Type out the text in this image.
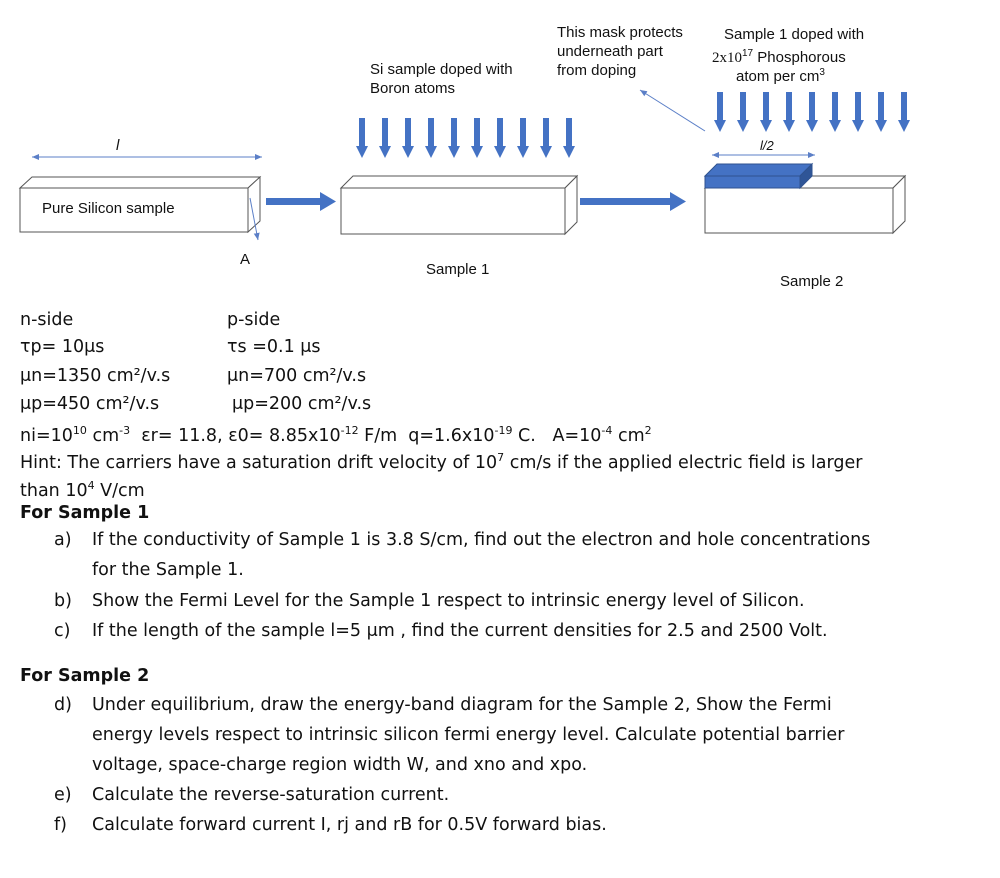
l
Pure Silicon sample
A
Si sample doped with
Boron atoms
Sample 1
This mask protects
underneath part
from doping
Sample 1 doped with
$2x10^{17}$ Phosphorous
atom per $cm^3$
l/2
Sample 2
n-side	p-side
τp= 10μs
μn=1350 cm²/v.s
μp=450 cm²/v.s
τs =0.1 μs
μn=700 cm²/v.s
μp=200 cm²/v.s
$ni=10^{10}$ $cm^{-3}$  εr= 11.8, $\varepsilon 0= 8.85x10^{-12}$ F/m  $q=1.6x10^{-19}$ C.   $A=10^{-4}$ $cm^2$
Hint: The carriers have a saturation drift velocity of $10^7$ cm/s if the applied electric field is larger
than $10^4$ V/cm
For Sample 1
a) If the conductivity of Sample 1 is 3.8 S/cm, find out the electron and hole concentrations
for the Sample 1.
b) Show the Fermi Level for the Sample 1 respect to intrinsic energy level of Silicon.
c) If the length of the sample l=5 μm , find the current densities for 2.5 and 2500 Volt.
For Sample 2
d) Under equilibrium, draw the energy-band diagram for the Sample 2, Show the Fermi
energy levels respect to intrinsic silicon fermi energy level. Calculate potential barrier
voltage, space-charge region width W, and xno and xpo.
e) Calculate the reverse-saturation current.
f) Calculate forward current I, rj and rB for 0.5V forward bias.
